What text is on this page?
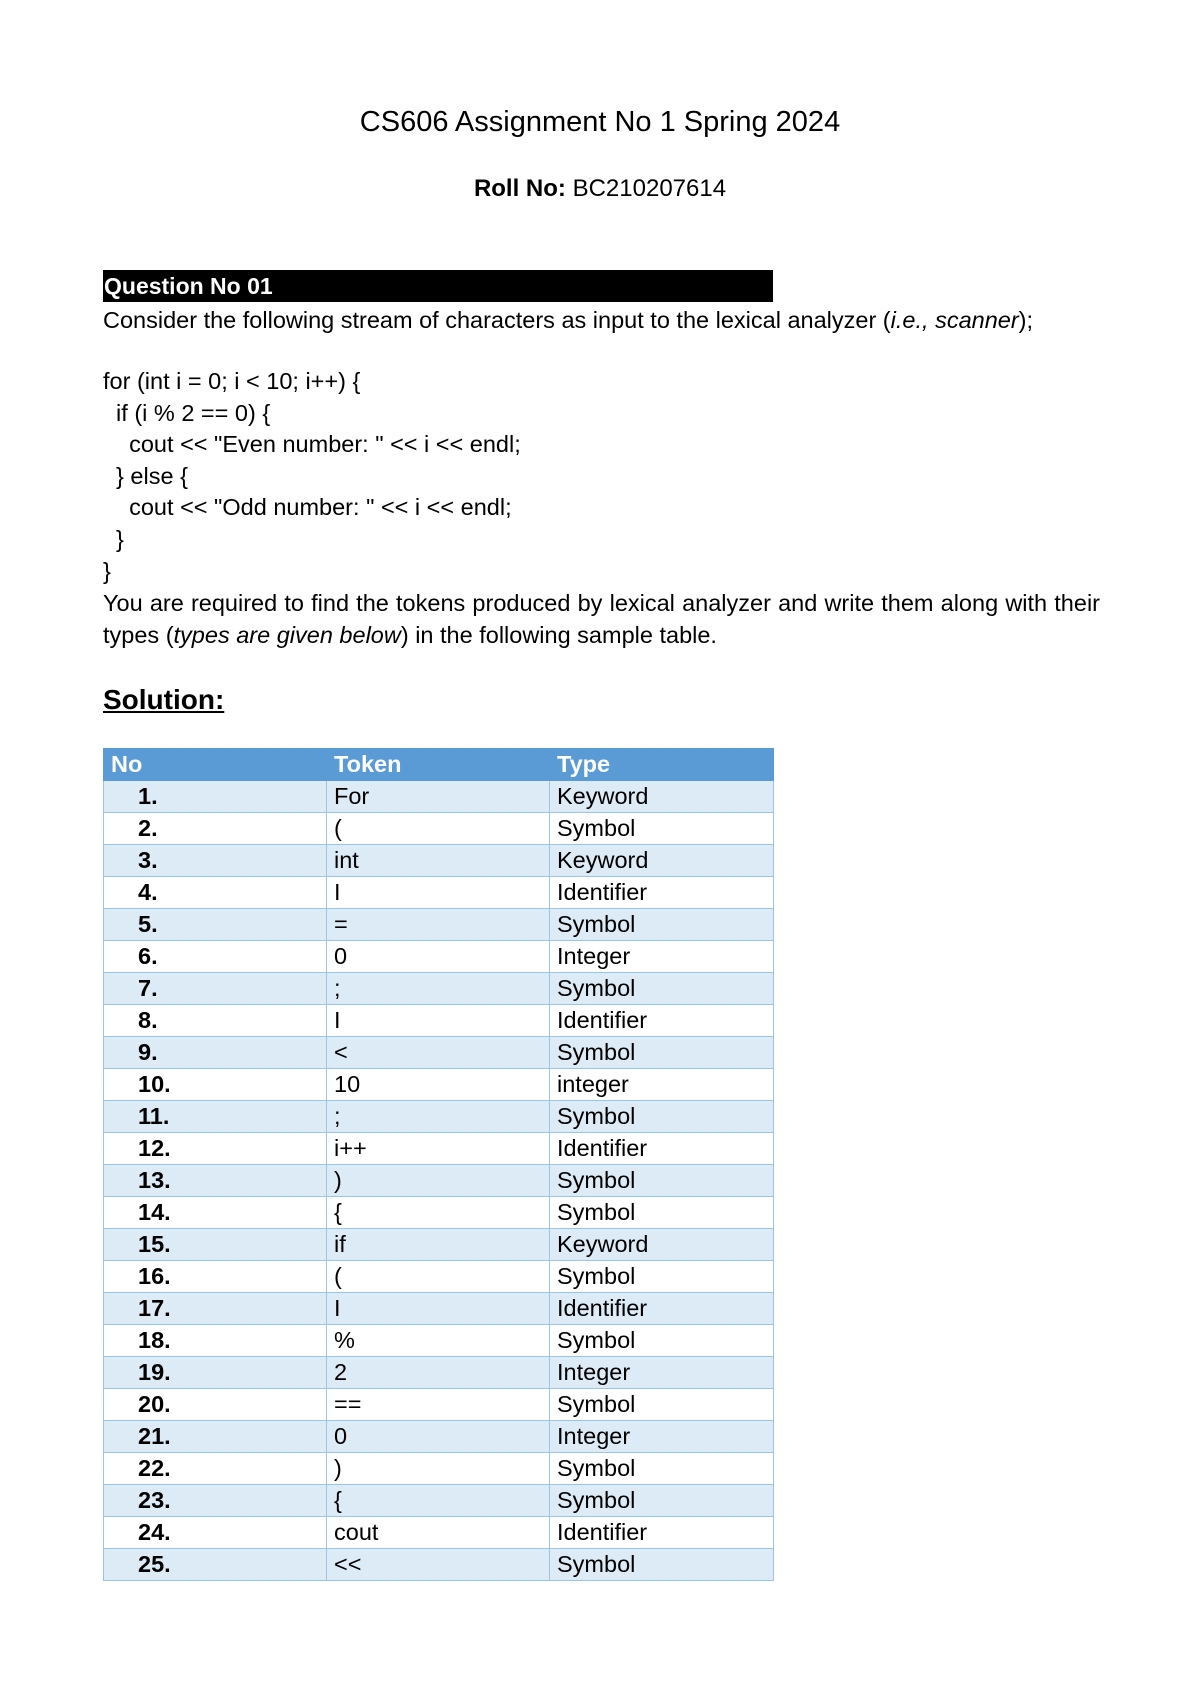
CS606 Assignment No 1 Spring 2024
Roll No: BC210207614
Question No 01
Consider the following stream of characters as input to the lexical analyzer (i.e., scanner);
for (int i = 0; i < 10; i++) {
if (i % 2 == 0) {
cout << "Even number: " << i << endl;
} else {
cout << "Odd number: " << i << endl;
}
}
You are required to find the tokens produced by lexical analyzer and write them along with their types (types are given below) in the following sample table.
Solution:
No	Token	Type
1.	For	Keyword
2.	(	Symbol
3.	int	Keyword
4.	I	Identifier
5.	=	Symbol
6.	0	Integer
7.	;	Symbol
8.	I	Identifier
9.	<	Symbol
10.	10	integer
11.	;	Symbol
12.	i++	Identifier
13.	)	Symbol
14.	{	Symbol
15.	if	Keyword
16.	(	Symbol
17.	I	Identifier
18.	%	Symbol
19.	2	Integer
20.	==	Symbol
21.	0	Integer
22.	)	Symbol
23.	{	Symbol
24.	cout	Identifier
25.	<<	Symbol
